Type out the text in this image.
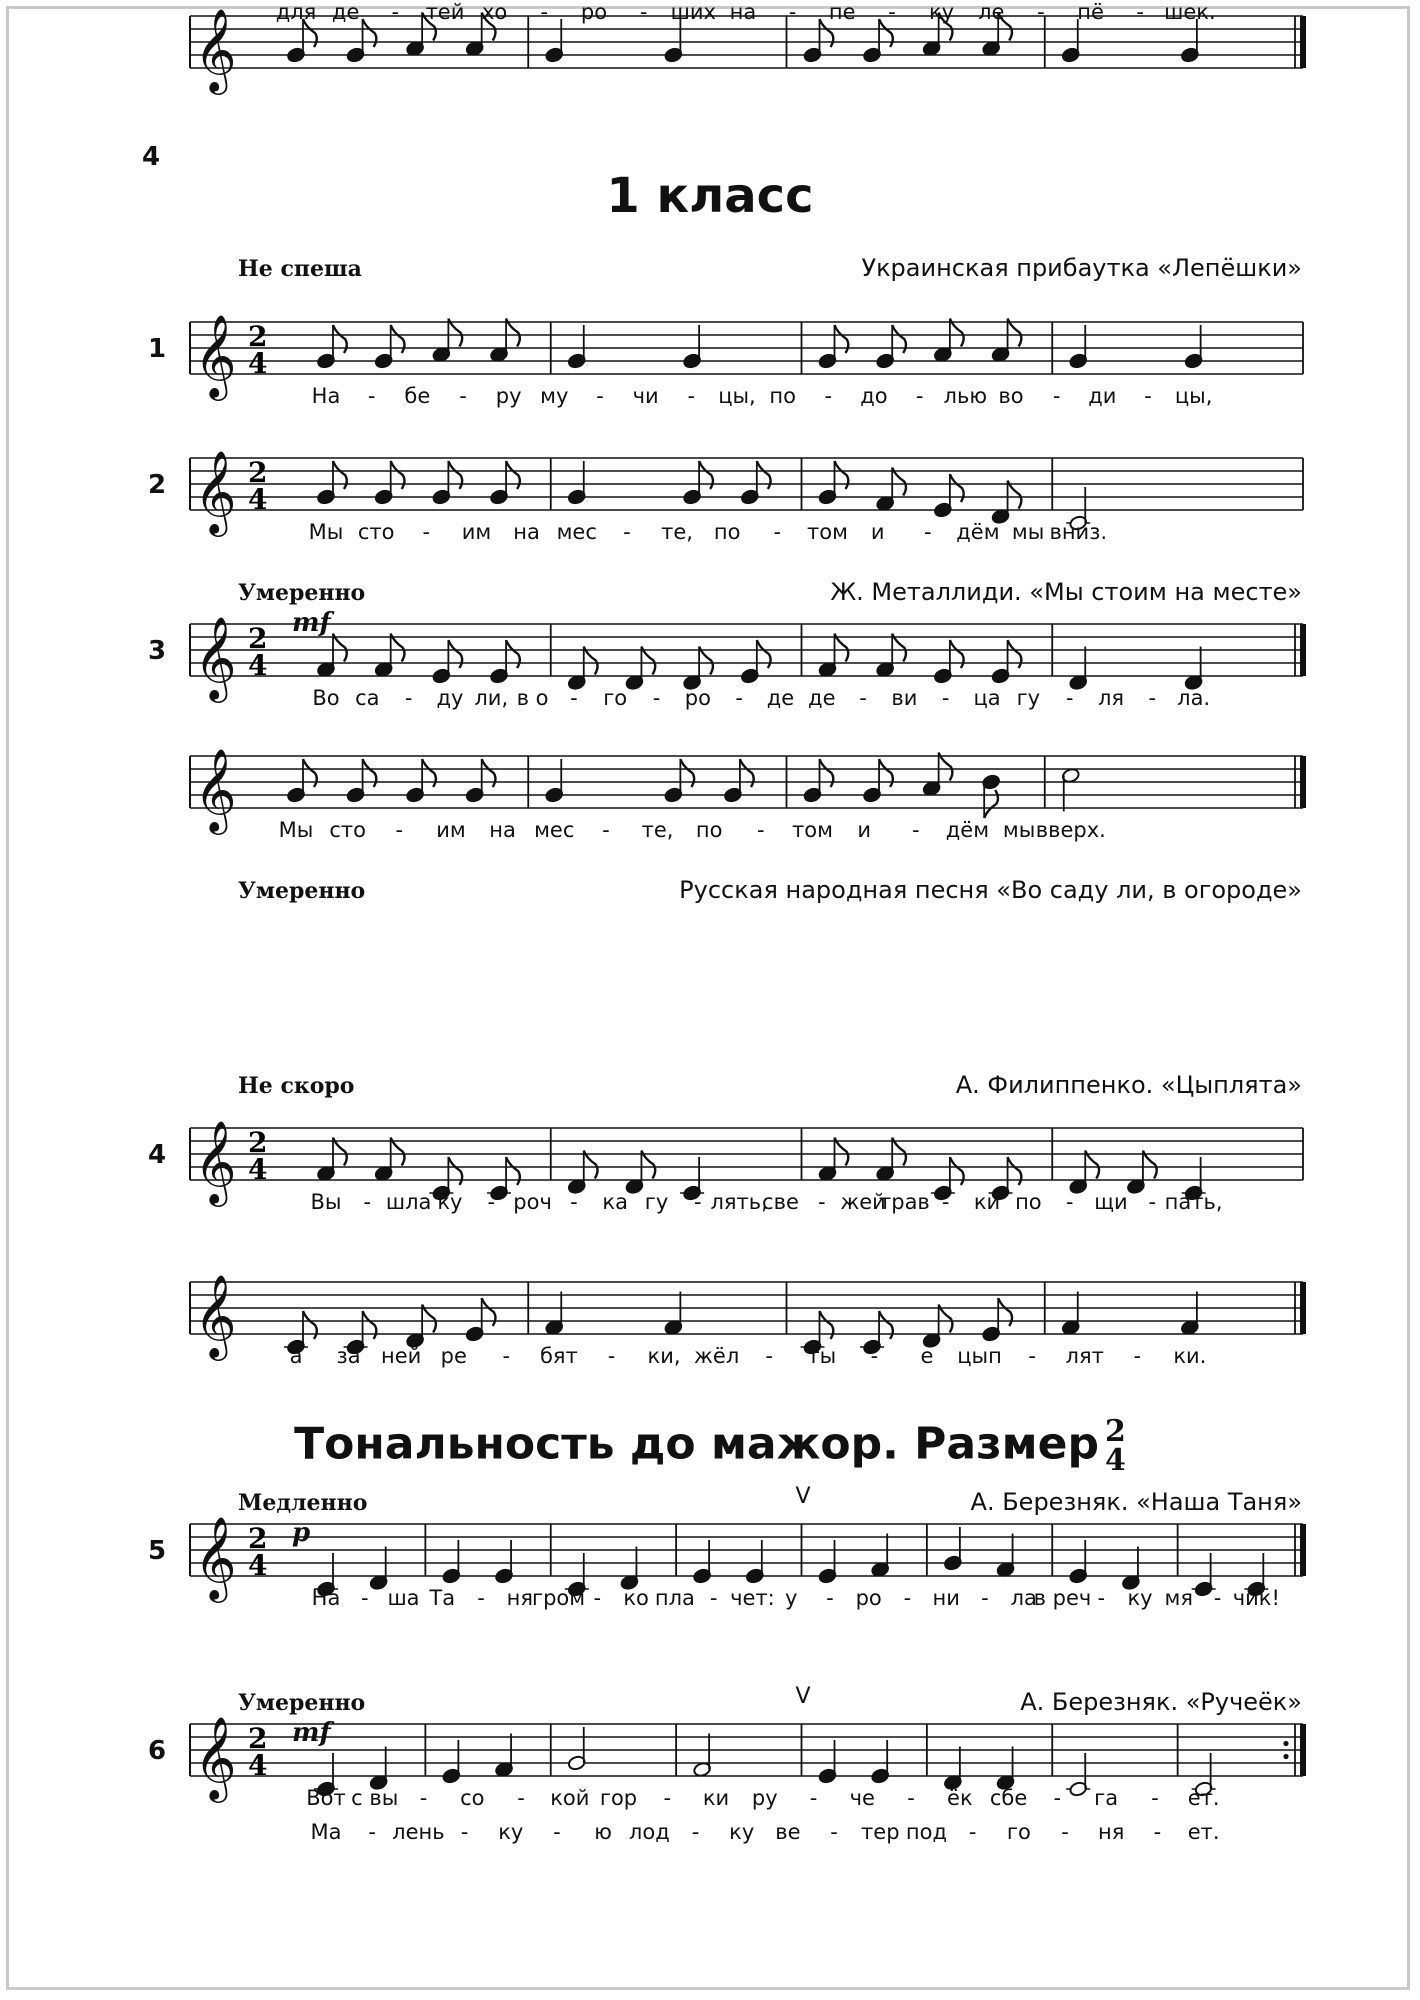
4
1 класс
Тональность до мажор. Размер 2
4
Не спеша	Украинская прибаутка «Лепёшки»
𝄞 2
4
1
На - бе - ру му - чи - цы, по - до - лью во - ди - цы,
𝄞 для де - тей хо - ро - ших на - пе - ку ле - пё - шек.
Умеренно	Ж. Металлиди. «Мы стоим на месте»
mf
𝄞 2
4
2
Мы сто - им на мес - те, по - том и - дём мы вниз.
𝄞 Мы сто - им на мес - те, по - том и - дём мы вверх.
Умеренно	Русская народная песня «Во саду ли, в огороде»
𝄞 2
4
3
Во са - ду ли, в о - го - ро - де де - ви - ца гу - ля - ла.
Не скоро	А. Филиппенко. «Цыплята»
𝄞 2
4
4
Вы - шла ку - роч - ка гу - лять,
све - жей
трав - ки по - щи - пать,
𝄞	а за ней ре - бят - ки, жёл - ты - е цып - лят - ки.
Медленно	А. Березняк. «Наша Таня»
p
𝄞 2
4
5
V
На - ша Та - ня гром - ко пла - чет: у - ро - ни - ла
в реч - ку мя - чик!
Умеренно	А. Березняк. «Ручеёк»
mf
𝄞 2
4
6
V
Вот с вы - со - кой гор - ки ру - че - ёк сбе - га - ет.
Ма - лень - ку - ю лод - ку ве - тер под - го - ня - ет.
